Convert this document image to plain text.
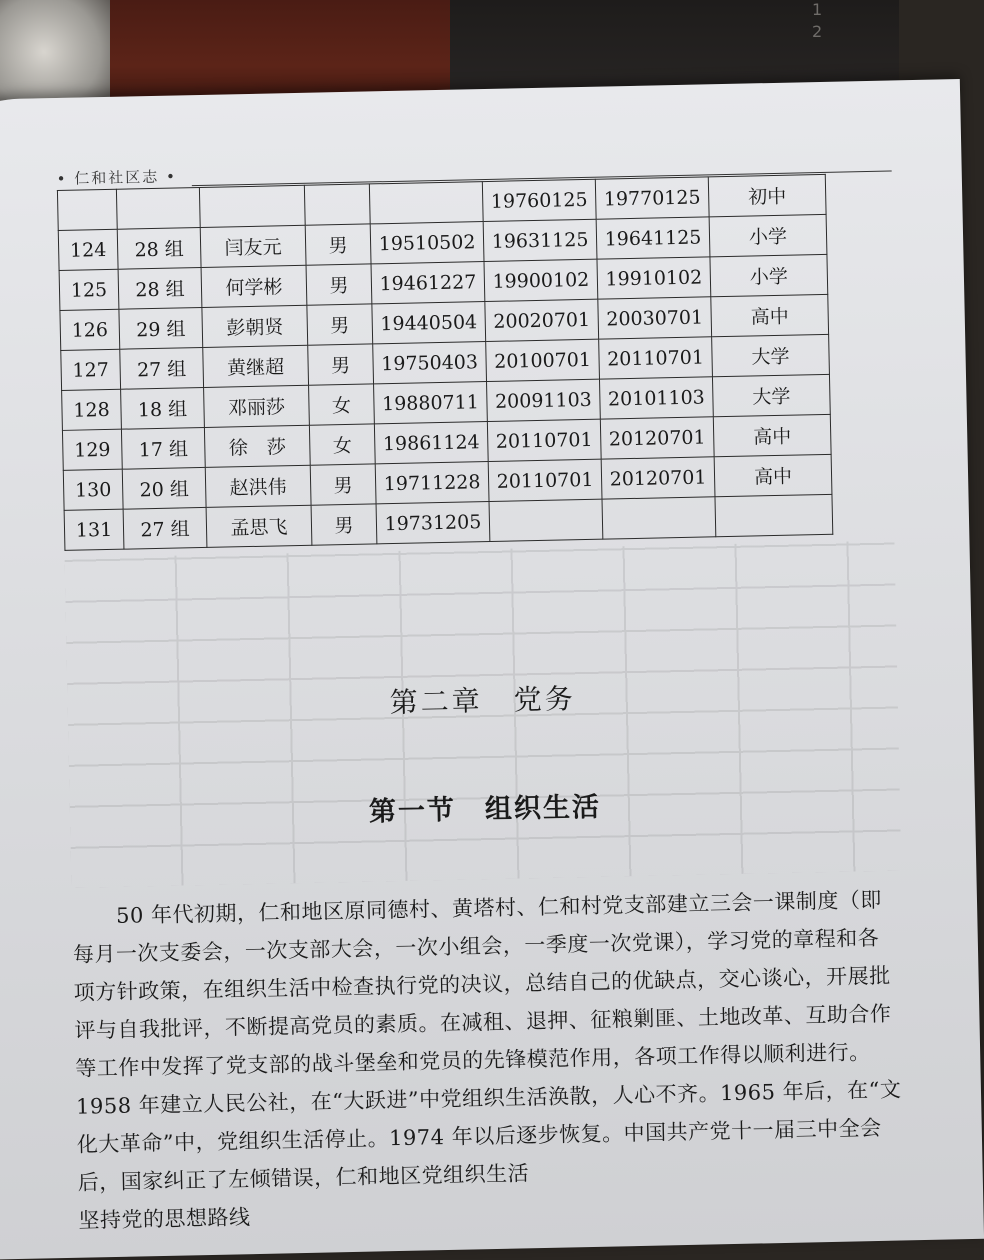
1
2
• 仁和社区志 •
					19760125	19770125	初中
124	28 组	闫友元	男	19510502	19631125	19641125	小学
125	28 组	何学彬	男	19461227	19900102	19910102	小学
126	29 组	彭朝贤	男	19440504	20020701	20030701	高中
127	27 组	黄继超	男	19750403	20100701	20110701	大学
128	18 组	邓丽莎	女	19880711	20091103	20101103	大学
129	17 组	徐　莎	女	19861124	20110701	20120701	高中
130	20 组	赵洪伟	男	19711228	20110701	20120701	高中
131	27 组	孟思飞	男	19731205			
第二章　党务
第一节　组织生活

50 年代初期，仁和地区原同德村、黄塔村、仁和村党支部建立三会一课制度（即

每月一次支委会，一次支部大会，一次小组会，一季度一次党课），学习党的章程和各

项方针政策，在组织生活中检查执行党的决议，总结自己的优缺点，交心谈心，开展批

评与自我批评，不断提高党员的素质。在减租、退押、征粮剿匪、土地改革、互助合作

等工作中发挥了党支部的战斗堡垒和党员的先锋模范作用，各项工作得以顺利进行。

1958 年建立人民公社，在“大跃进”中党组织生活涣散，人心不齐。1965 年后，在“文

化大革命”中，党组织生活停止。1974 年以后逐步恢复。中国共产党十一届三中全会

后，国家纠正了左倾错误，仁和地区党组织生活

坚持党的思想路线
